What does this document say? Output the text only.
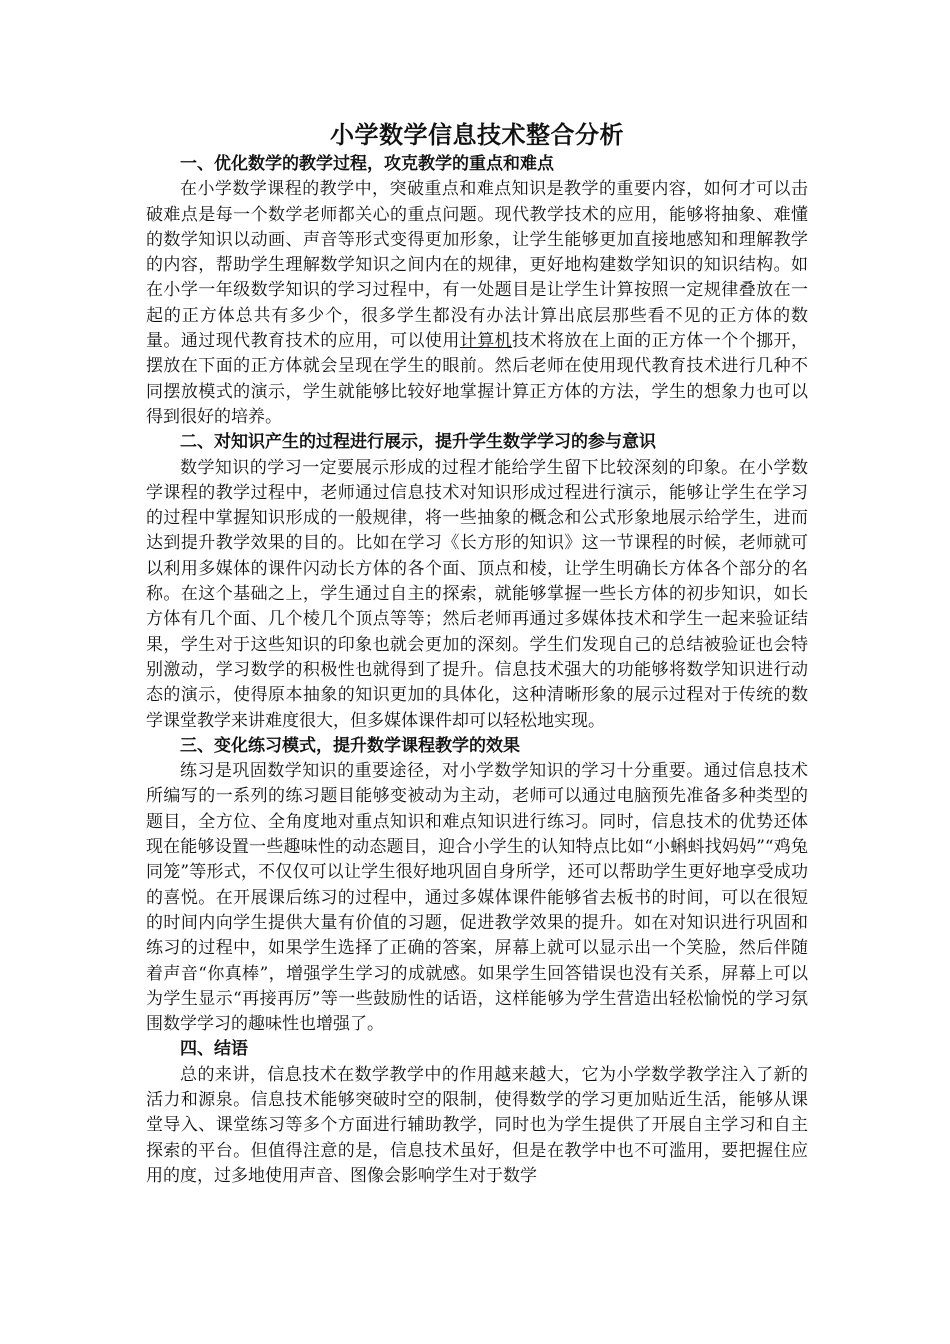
小学数学信息技术整合分析
一、优化数学的教学过程，攻克教学的重点和难点

在小学数学课程的教学中，突破重点和难点知识是教学的重要内容，如何才可以击破难点是每一个数学老师都关心的重点问题。现代教学技术的应用，能够将抽象、难懂的数学知识以动画、声音等形式变得更加形象，让学生能够更加直接地感知和理解教学的内容，帮助学生理解数学知识之间内在的规律，更好地构建数学知识的知识结构。如在小学一年级数学知识的学习过程中，有一处题目是让学生计算按照一定规律叠放在一起的正方体总共有多少个，很多学生都没有办法计算出底层那些看不见的正方体的数量。通过现代教育技术的应用，可以使用计算机技术将放在上面的正方体一个个挪开，摆放在下面的正方体就会呈现在学生的眼前。然后老师在使用现代教育技术进行几种不同摆放模式的演示，学生就能够比较好地掌握计算正方体的方法，学生的想象力也可以得到很好的培养。

二、对知识产生的过程进行展示，提升学生数学学习的参与意识

数学知识的学习一定要展示形成的过程才能给学生留下比较深刻的印象。在小学数学课程的教学过程中，老师通过信息技术对知识形成过程进行演示，能够让学生在学习的过程中掌握知识形成的一般规律，将一些抽象的概念和公式形象地展示给学生，进而达到提升教学效果的目的。比如在学习《长方形的知识》这一节课程的时候，老师就可以利用多媒体的课件闪动长方体的各个面、顶点和棱，让学生明确长方体各个部分的名称。在这个基础之上，学生通过自主的探索，就能够掌握一些长方体的初步知识，如长方体有几个面、几个棱几个顶点等等；然后老师再通过多媒体技术和学生一起来验证结果，学生对于这些知识的印象也就会更加的深刻。学生们发现自己的总结被验证也会特别激动，学习数学的积极性也就得到了提升。信息技术强大的功能够将数学知识进行动态的演示，使得原本抽象的知识更加的具体化，这种清晰形象的展示过程对于传统的数学课堂教学来讲难度很大，但多媒体课件却可以轻松地实现。

三、变化练习模式，提升数学课程教学的效果

练习是巩固数学知识的重要途径，对小学数学知识的学习十分重要。通过信息技术所编写的一系列的练习题目能够变被动为主动，老师可以通过电脑预先准备多种类型的题目，全方位、全角度地对重点知识和难点知识进行练习。同时，信息技术的优势还体现在能够设置一些趣味性的动态题目，迎合小学生的认知特点比如“小蝌蚪找妈妈”“鸡兔同笼”等形式，不仅仅可以让学生很好地巩固自身所学，还可以帮助学生更好地享受成功的喜悦。在开展课后练习的过程中，通过多媒体课件能够省去板书的时间，可以在很短的时间内向学生提供大量有价值的习题，促进教学效果的提升。如在对知识进行巩固和练习的过程中，如果学生选择了正确的答案，屏幕上就可以显示出一个笑脸，然后伴随着声音“你真棒”，增强学生学习的成就感。如果学生回答错误也没有关系，屏幕上可以为学生显示“再接再厉”等一些鼓励性的话语，这样能够为学生营造出轻松愉悦的学习氛围数学学习的趣味性也增强了。

四、结语

总的来讲，信息技术在数学教学中的作用越来越大，它为小学数学教学注入了新的活力和源泉。信息技术能够突破时空的限制，使得数学的学习更加贴近生活，能够从课堂导入、课堂练习等多个方面进行辅助教学，同时也为学生提供了开展自主学习和自主探索的平台。但值得注意的是，信息技术虽好，但是在教学中也不可滥用，要把握住应用的度，过多地使用声音、图像会影响学生对于数学
